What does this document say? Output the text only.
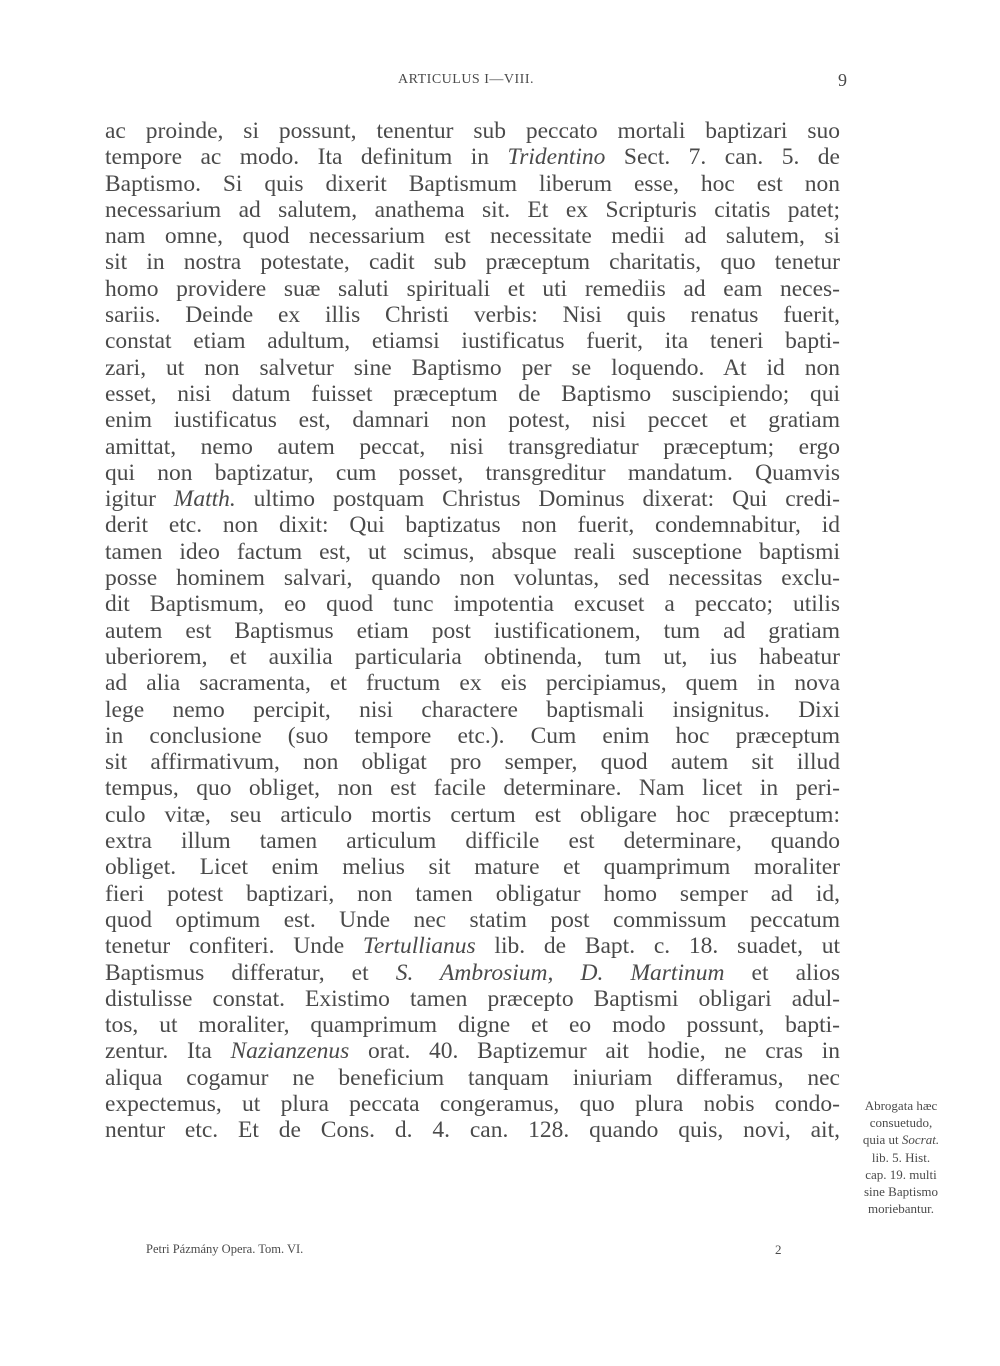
ARTICULUS I—VIII.	9
ac proinde, si possunt, tenentur sub peccato mortali baptizari suo
tempore ac modo. Ita definitum in Tridentino Sect. 7. can. 5. de
Baptismo. Si quis dixerit Baptismum liberum esse, hoc est non
necessarium ad salutem, anathema sit. Et ex Scripturis citatis patet;
nam omne, quod necessarium est necessitate medii ad salutem, si
sit in nostra potestate, cadit sub præceptum charitatis, quo tenetur
homo providere suæ saluti spirituali et uti remediis ad eam neces-
sariis. Deinde ex illis Christi verbis: Nisi quis renatus fuerit,
constat etiam adultum, etiamsi iustificatus fuerit, ita teneri bapti-
zari, ut non salvetur sine Baptismo per se loquendo. At id non
esset, nisi datum fuisset præceptum de Baptismo suscipiendo; qui
enim iustificatus est, damnari non potest, nisi peccet et gratiam
amittat, nemo autem peccat, nisi transgrediatur præceptum; ergo
qui non baptizatur, cum posset, transgreditur mandatum. Quamvis
igitur Matth. ultimo postquam Christus Dominus dixerat: Qui credi-
derit etc. non dixit: Qui baptizatus non fuerit, condemnabitur, id
tamen ideo factum est, ut scimus, absque reali susceptione baptismi
posse hominem salvari, quando non voluntas, sed necessitas exclu-
dit Baptismum, eo quod tunc impotentia excuset a peccato; utilis
autem est Baptismus etiam post iustificationem, tum ad gratiam
uberiorem, et auxilia particularia obtinenda, tum ut, ius habeatur
ad alia sacramenta, et fructum ex eis percipiamus, quem in nova
lege nemo percipit, nisi charactere baptismali insignitus. Dixi
in conclusione (suo tempore etc.). Cum enim hoc præceptum
sit affirmativum, non obligat pro semper, quod autem sit illud
tempus, quo obliget, non est facile determinare. Nam licet in peri-
culo vitæ, seu articulo mortis certum est obligare hoc præceptum:
extra illum tamen articulum difficile est determinare, quando
obliget. Licet enim melius sit mature et quamprimum moraliter
fieri potest baptizari, non tamen obligatur homo semper ad id,
quod optimum est. Unde nec statim post commissum peccatum
tenetur confiteri. Unde Tertullianus lib. de Bapt. c. 18. suadet, ut
Baptismus differatur, et S. Ambrosium, D. Martinum et alios
distulisse constat. Existimo tamen præcepto Baptismi obligari adul-
tos, ut moraliter, quamprimum digne et eo modo possunt, bapti-
zentur. Ita Nazianzenus orat. 40. Baptizemur ait hodie, ne cras in
aliqua cogamur ne beneficium tanquam iniuriam differamus, nec
expectemus, ut plura peccata congeramus, quo plura nobis condo-
nentur etc. Et de Cons. d. 4. can. 128. quando quis, novi, ait,
Abrogata hæc
consuetudo,
quia ut Socrat.
lib. 5. Hist.
cap. 19. multi
sine Baptismo
moriebantur.
Petri Pázmány Opera. Tom. VI.	2
